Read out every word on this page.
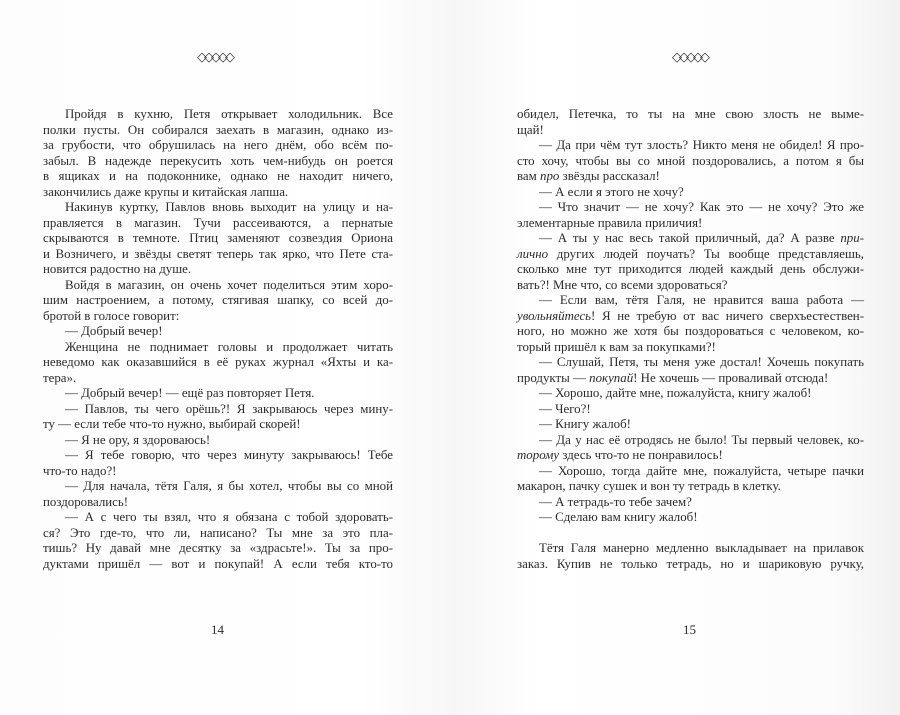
◇◇◇◇◇
Пройдя в кухню, Петя открывает холодильник. Все
полки пусты. Он собирался заехать в магазин, однако из-
за грубости, что обрушилась на него днём, обо всём по-
забыл. В надежде перекусить хоть чем-нибудь он роется
в ящиках и на подоконнике, однако не находит ничего,
закончились даже крупы и китайская лапша.
Накинув куртку, Павлов вновь выходит на улицу и на-
правляется в магазин. Тучи рассеиваются, а пернатые
скрываются в темноте. Птиц заменяют созвездия Ориона
и Возничего, и звёзды светят теперь так ярко, что Пете ста-
новится радостно на душе.
Войдя в магазин, он очень хочет поделиться этим хоро-
шим настроением, а потому, стягивая шапку, со всей до-
бротой в голосе говорит:
— Добрый вечер!
Женщина не поднимает головы и продолжает читать
неведомо как оказавшийся в её руках журнал «Яхты и ка-
тера».
— Добрый вечер! — ещё раз повторяет Петя.
— Павлов, ты чего орёшь?! Я закрываюсь через мину-
ту — если тебе что-то нужно, выбирай скорей!
— Я не ору, я здороваюсь!
— Я тебе говорю, что через минуту закрываюсь! Тебе
что-то надо?!
— Для начала, тётя Галя, я бы хотел, чтобы вы со мной
поздоровались!
— А с чего ты взял, что я обязана с тобой здоровать-
ся? Это где-то, что ли, написано? Ты мне за это пла-
тишь? Ну давай мне десятку за «здрасьте!». Ты за про-
дуктами пришёл — вот и покупай! А если тебя кто-то
14
◇◇◇◇◇
обидел, Петечка, то ты на мне свою злость не выме-
щай!
— Да при чём тут злость? Никто меня не обидел! Я про-
сто хочу, чтобы вы со мной поздоровались, а потом я бы
вам про звёзды рассказал!
— А если я этого не хочу?
— Что значит — не хочу? Как это — не хочу? Это же
элементарные правила приличия!
— А ты у нас весь такой приличный, да? А разве при-
лично других людей поучать? Ты вообще представляешь,
сколько мне тут приходится людей каждый день обслужи-
вать?! Мне что, со всеми здороваться?
— Если вам, тётя Галя, не нравится ваша работа —
увольняйтесь! Я не требую от вас ничего сверхъестествен-
ного, но можно же хотя бы поздороваться с человеком, ко-
торый пришёл к вам за покупками?!
— Слушай, Петя, ты меня уже достал! Хочешь покупать
продукты — покупай! Не хочешь — проваливай отсюда!
— Хорошо, дайте мне, пожалуйста, книгу жалоб!
— Чего?!
— Книгу жалоб!
— Да у нас её отродясь не было! Ты первый человек, ко-
торому здесь что-то не понравилось!
— Хорошо, тогда дайте мне, пожалуйста, четыре пачки
макарон, пачку сушек и вон ту тетрадь в клетку.
— А тетрадь-то тебе зачем?
— Сделаю вам книгу жалоб!
Тётя Галя манерно медленно выкладывает на прилавок
заказ. Купив не только тетрадь, но и шариковую ручку,
15
